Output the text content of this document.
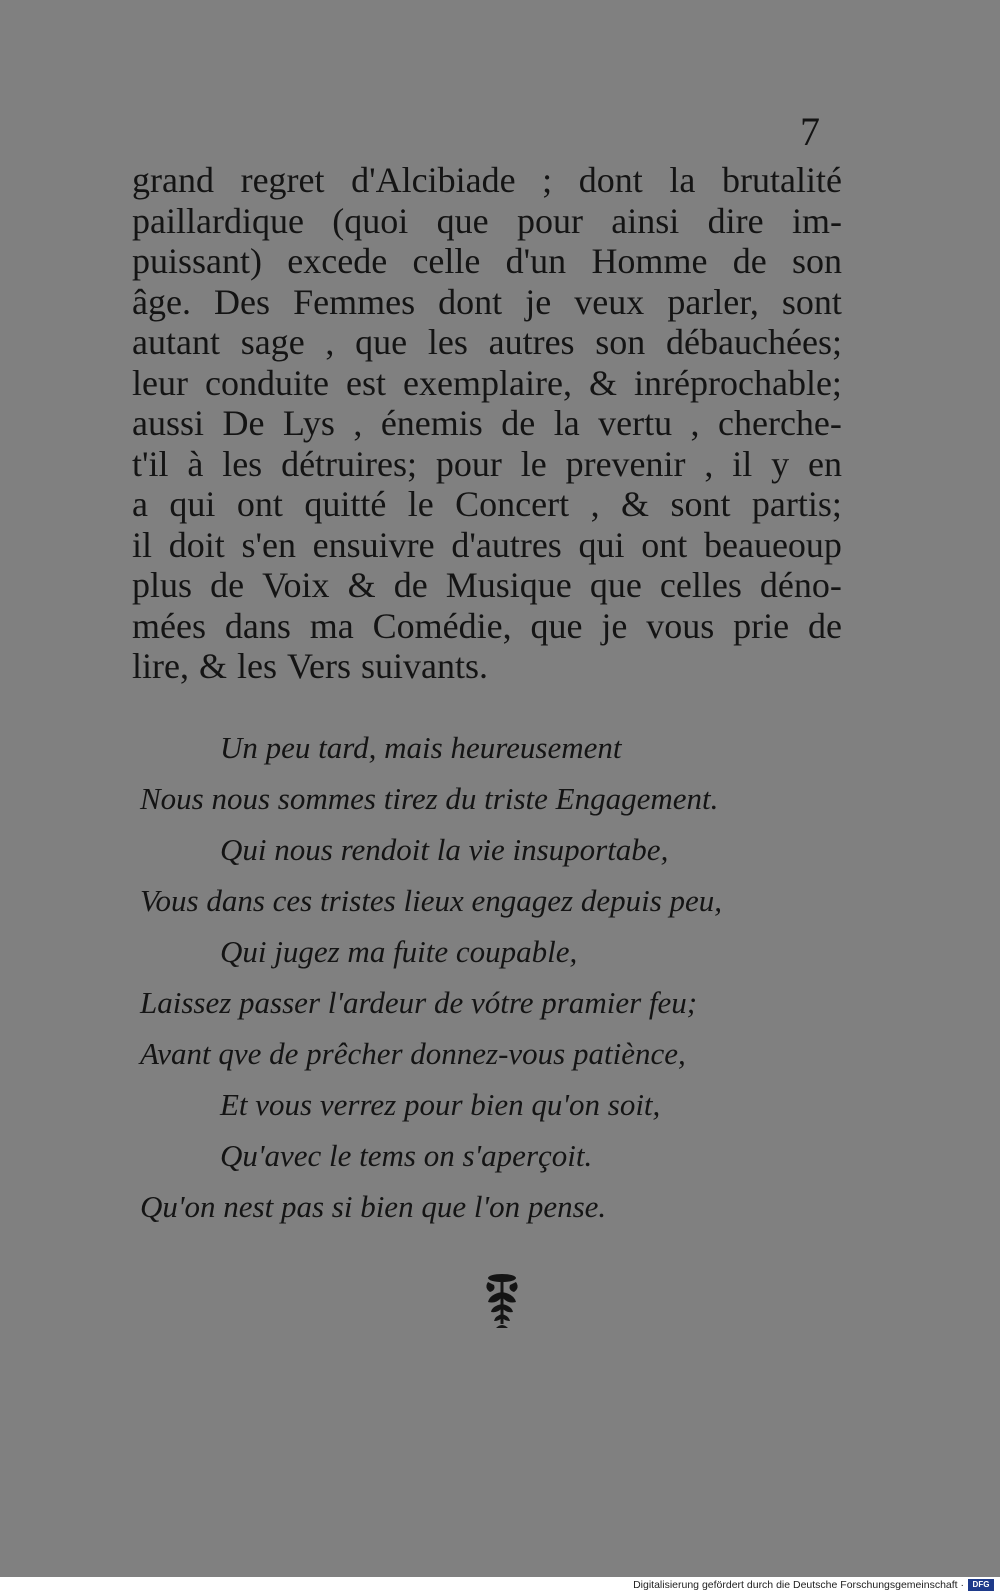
7
grand regret d'Alcibiade ; dont la brutalité
paillardique (quoi que pour ainsi dire im-
puissant) excede celle d'un Homme de son
âge. Des Femmes dont je veux parler, sont
autant sage , que les autres son débauchées;
leur conduite est exemplaire, & inréprochable;
aussi De Lys , énemis de la vertu , cherche-
t'il à les détruires; pour le prevenir , il y en
a qui ont quitté le Concert , & sont partis;
il doit s'en ensuivre d'autres qui ont beaueoup
plus de Voix & de Musique que celles déno-
mées dans ma Comédie, que je vous prie de
lire, & les Vers suivants.
Un peu tard, mais heureusement
Nous nous sommes tirez du triste Engagement.
Qui nous rendoit la vie insuportabe,
Vous dans ces tristes lieux engagez depuis peu,
Qui jugez ma fuite coupable,
Laissez passer l'ardeur de vótre pramier feu;
Avant qve de prêcher donnez-vous patiènce,
Et vous verrez pour bien qu'on soit,
Qu'avec le tems on s'aperçoit.
Qu'on nest pas si bien que l'on pense.
Digitalisierung gefördert durch die Deutsche Forschungsgemeinschaft ·	DFG
